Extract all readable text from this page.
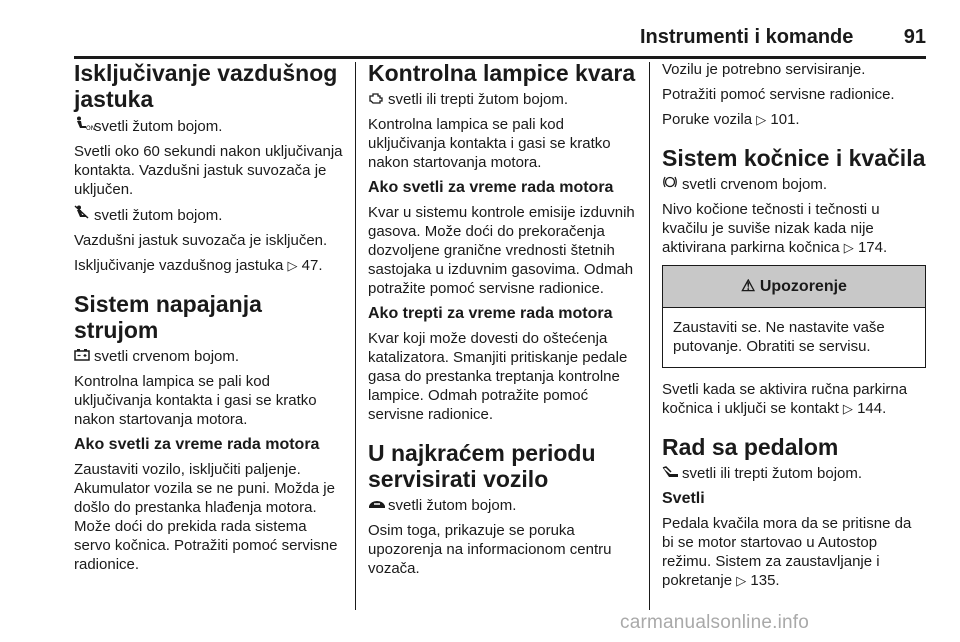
Instrumenti i komande	91
Isključivanje vazdušnog jastuka

ON
svetli žutom bojom.

Svetli oko 60 sekundi nakon uključivanja kontakta. Vazdušni jastuk suvozača je uključen.

svetli žutom bojom.

Vazdušni jastuk suvozača je isključen.

Isključivanje vazdušnog jastuka ▷ 47.

Sistem napajanja strujom

svetli crvenom bojom.

Kontrolna lampica se pali kod uključivanja kontakta i gasi se kratko nakon startovanja motora.

Ako svetli za vreme rada motora

Zaustaviti vozilo, isključiti paljenje. Akumulator vozila se ne puni. Možda je došlo do prestanka hlađenja motora. Može doći do prekida rada sistema servo kočnica. Potražiti pomoć servisne radionice.

Kontrolna lampice kvara

svetli ili trepti žutom bojom.

Kontrolna lampica se pali kod uključivanja kontakta i gasi se kratko nakon startovanja motora.

Ako svetli za vreme rada motora

Kvar u sistemu kontrole emisije izduvnih gasova. Može doći do prekoračenja dozvoljene granične vrednosti štetnih sastojaka u izduvnim gasovima. Odmah potražite pomoć servisne radionice.

Ako trepti za vreme rada motora

Kvar koji može dovesti do oštećenja katalizatora. Smanjiti pritiskanje pedale gasa do prestanka treptanja kontrolne lampice. Odmah potražite pomoć servisne radionice.

U najkraćem periodu servisirati vozilo

svetli žutom bojom.

Osim toga, prikazuje se poruka upozorenja na informacionom centru vozača.

Vozilu je potrebno servisiranje.

Potražiti pomoć servisne radionice.

Poruke vozila ▷ 101.

Sistem kočnice i kvačila

svetli crvenom bojom.

Nivo kočione tečnosti i tečnosti u kvačilu je suviše nizak kada nije aktivirana parkirna kočnica ▷ 174.

⚠ Upozorenje

Zaustaviti se. Ne nastavite vaše putovanje. Obratiti se servisu.

Svetli kada se aktivira ručna parkirna kočnica i uključi se kontakt ▷ 144.

Rad sa pedalom

svetli ili trepti žutom bojom.

Svetli

Pedala kvačila mora da se pritisne da bi se motor startovao u Autostop režimu. Sistem za zaustavljanje i pokretanje ▷ 135.

carmanualsonline.info
